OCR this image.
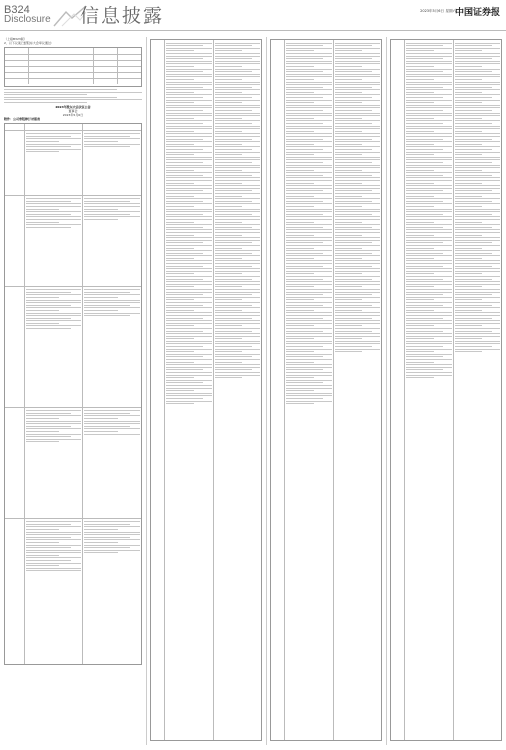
B324
Disclosure 信息披露	2023年5月6日 星期六
中国证券报
（上接B323版）
2、以下议案已经股东大会审议通过：
2024年股东大会决议公告
董事会
2023年5月6日
附件：公司章程修订对照表
